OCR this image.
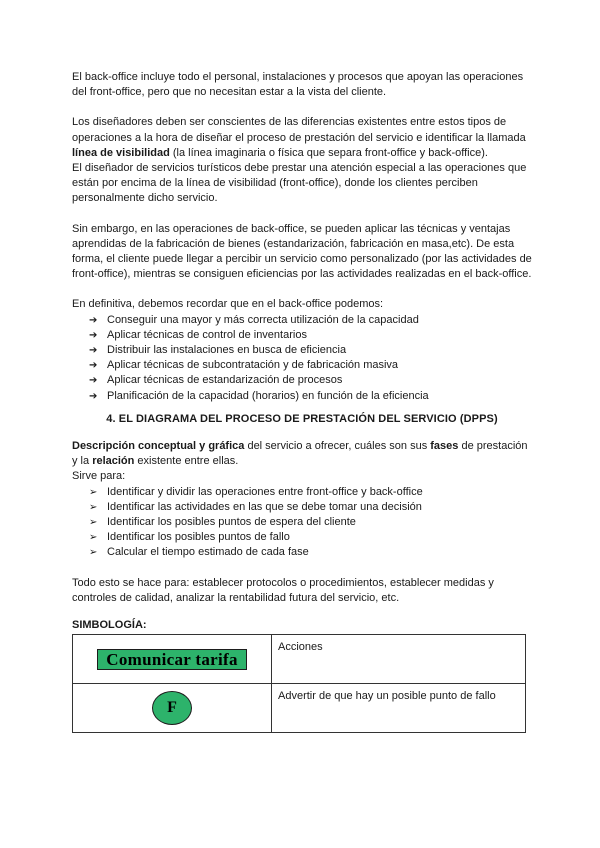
El back-office incluye todo el personal, instalaciones y procesos que apoyan las operaciones del front-office, pero que no necesitan estar a la vista del cliente.

Los diseñadores deben ser conscientes de las diferencias existentes entre estos tipos de operaciones a la hora de diseñar el proceso de prestación del servicio e identificar la llamada línea de visibilidad (la línea imaginaria o física que separa front-office y back-office).

El diseñador de servicios turísticos debe prestar una atención especial a las operaciones que están por encima de la línea de visibilidad (front-office), donde los clientes perciben personalmente dicho servicio.

Sin embargo, en las operaciones de back-office, se pueden aplicar las técnicas y ventajas aprendidas de la fabricación de bienes (estandarización, fabricación en masa,etc). De esta forma, el cliente puede llegar a percibir un servicio como personalizado (por las actividades de front-office), mientras se consiguen eficiencias por las actividades realizadas en el back-office.

En definitiva, debemos recordar que en el back-office podemos:

➔ Conseguir una mayor y más correcta utilización de la capacidad
➔ Aplicar técnicas de control de inventarios
➔ Distribuir las instalaciones en busca de eficiencia
➔ Aplicar técnicas de subcontratación y de fabricación masiva
➔ Aplicar técnicas de estandarización de procesos
➔ Planificación de la capacidad (horarios) en función de la eficiencia
4. EL DIAGRAMA DEL PROCESO DE PRESTACIÓN DEL SERVICIO (DPPS)

Descripción conceptual y gráfica del servicio a ofrecer, cuáles son sus fases de prestación y la relación existente entre ellas.

Sirve para:

➢ Identificar y dividir las operaciones entre front-office y back-office
➢ Identificar las actividades en las que se debe tomar una decisión
➢ Identificar los posibles puntos de espera del cliente
➢ Identificar los posibles puntos de fallo
➢ Calcular el tiempo estimado de cada fase

Todo esto se hace para: establecer protocolos o procedimientos, establecer medidas y controles de calidad, analizar la rentabilidad futura del servicio, etc.

SIMBOLOGÍA:
Comunicar tarifa	Acciones
F	Advertir de que hay un posible punto de fallo
